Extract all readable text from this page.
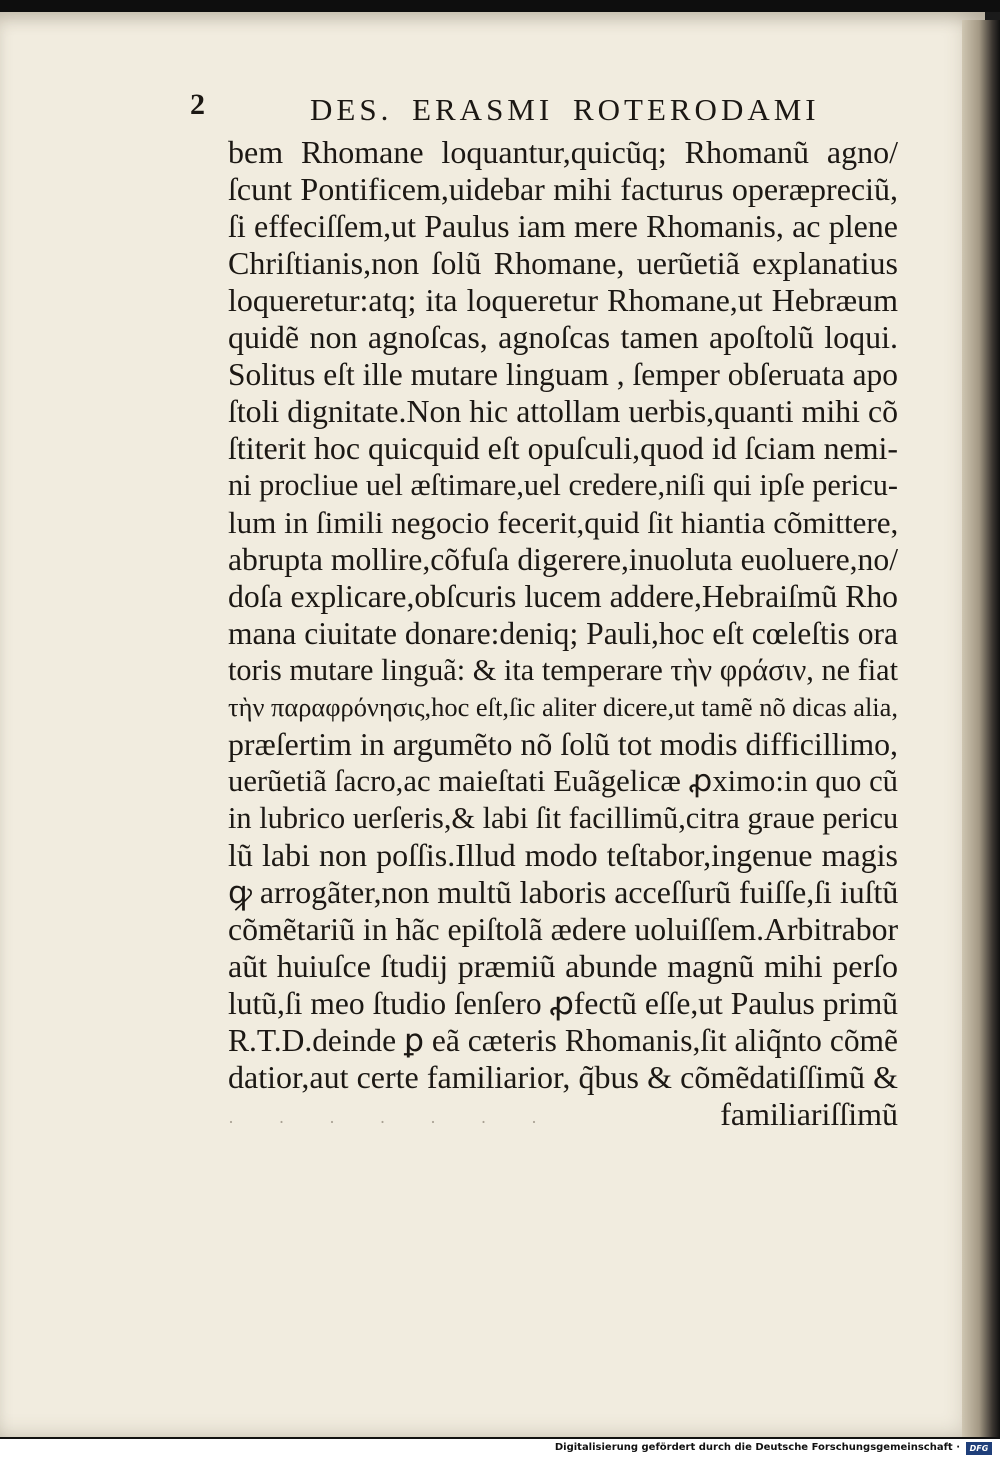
2	DES. ERASMI ROTERODAMI
bem Rhomane loquantur,quicũq; Rhomanũ agno/
ſcunt Pontificem,uidebar mihi facturus operæpreciũ,
ſi effeciſſem,ut Paulus iam mere Rhomanis, ac plene
Chriſtianis,non ſolũ Rhomane, uerũetiã explanatius
loqueretur:atq; ita loqueretur Rhomane,ut Hebræum
quidẽ non agnoſcas, agnoſcas tamen apoſtolũ loqui.
Solitus eſt ille mutare linguam , ſemper obſeruata apo
ſtoli dignitate.Non hic attollam uerbis,quanti mihi cõ
ſtiterit hoc quicquid eſt opuſculi,quod id ſciam nemi-
ni procliue uel æſtimare,uel credere,niſi qui ipſe pericu-
lum in ſimili negocio fecerit,quid ſit hiantia cõmittere,
abrupta mollire,cõfuſa digerere,inuoluta euoluere,no/
doſa explicare,obſcuris lucem addere,Hebraiſmũ Rho
mana ciuitate donare:deniq; Pauli,hoc eſt cœleſtis ora
toris mutare linguã: & ita temperare τὴν φράσιν, ne fiat
τὴν παραφρόνησις,hoc eſt,ſic aliter dicere,ut tamẽ nõ dicas alia,
præſertim in argumẽto nõ ſolũ tot modis difficillimo,
uerũetiã ſacro,ac maieſtati Euãgelicæ ꝓximo:in quo cũ
in lubrico uerſeris,& labi ſit facillimũ,citra graue pericu
lũ labi non poſſis.Illud modo teſtabor,ingenue magis
ꝙ arrogãter,non multũ laboris acceſſurũ fuiſſe,ſi iuſtũ
cõmẽtariũ in hãc epiſtolã ædere uoluiſſem.Arbitrabor
aũt huiuſce ſtudij præmiũ abunde magnũ mihi perſo
lutũ,ſi meo ſtudio ſenſero ꝓfectũ eſſe,ut Paulus primũ
R.T.D.deinde ꝑ eã cæteris Rhomanis,ſit aliq̃nto cõmẽ
datior,aut certe familiarior, q̃bus & cõmẽdatiſſimũ &
familiariſſimũ
· · · · · · ·
Digitalisierung gefördert durch die Deutsche Forschungsgemeinschaft ·	DFG
